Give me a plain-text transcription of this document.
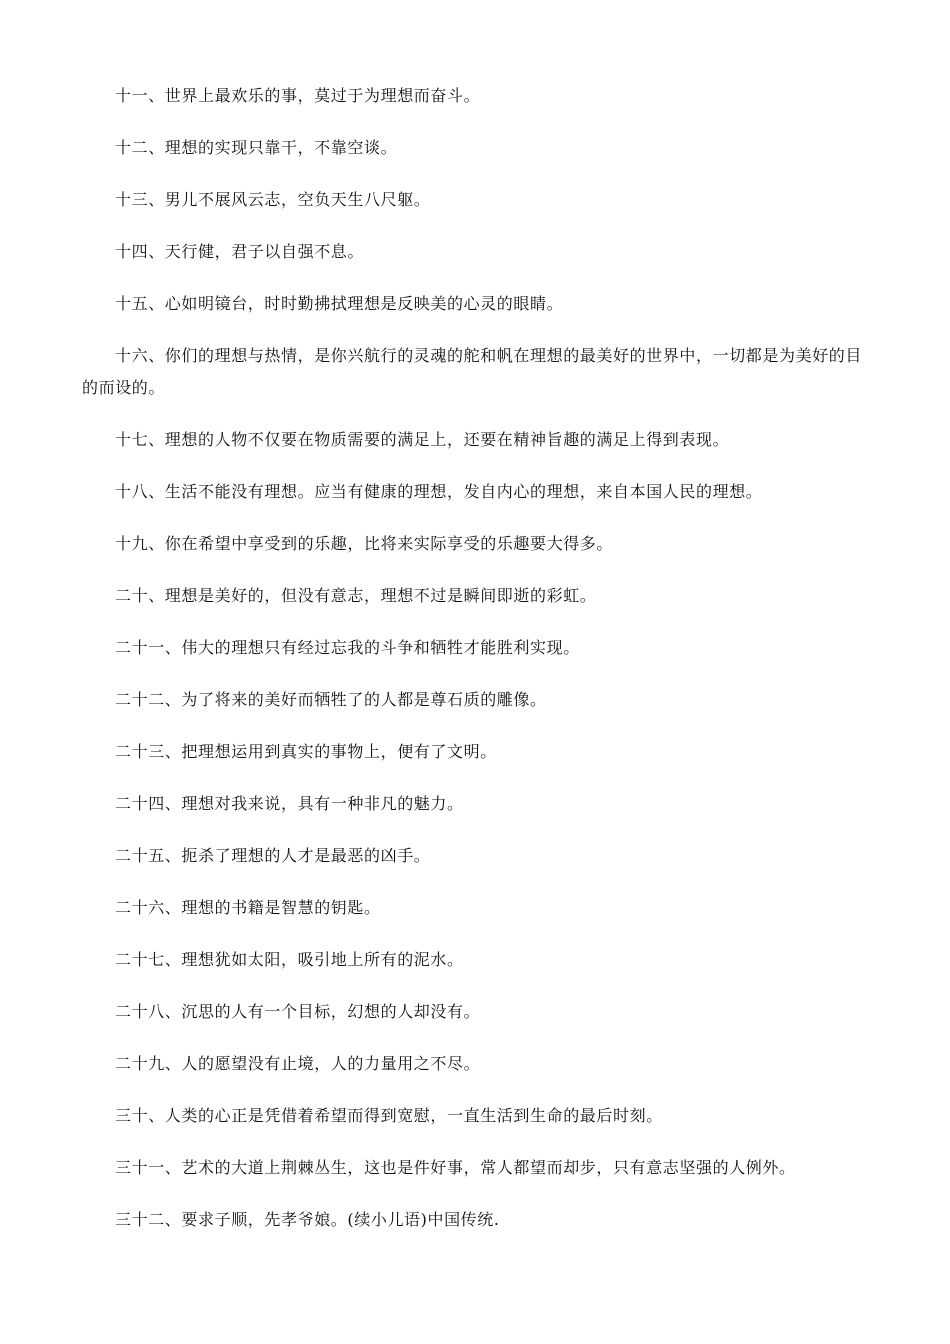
十一、世界上最欢乐的事，莫过于为理想而奋斗。

十二、理想的实现只靠干，不靠空谈。

十三、男儿不展风云志，空负天生八尺躯。

十四、天行健，君子以自强不息。

十五、心如明镜台，时时勤拂拭理想是反映美的心灵的眼睛。

十六、你们的理想与热情，是你兴航行的灵魂的舵和帆在理想的最美好的世界中，一切都是为美好的目的而设的。

十七、理想的人物不仅要在物质需要的满足上，还要在精神旨趣的满足上得到表现。

十八、生活不能没有理想。应当有健康的理想，发自内心的理想，来自本国人民的理想。

十九、你在希望中享受到的乐趣，比将来实际享受的乐趣要大得多。

二十、理想是美好的，但没有意志，理想不过是瞬间即逝的彩虹。

二十一、伟大的理想只有经过忘我的斗争和牺牲才能胜利实现。

二十二、为了将来的美好而牺牲了的人都是尊石质的雕像。

二十三、把理想运用到真实的事物上，便有了文明。

二十四、理想对我来说，具有一种非凡的魅力。

二十五、扼杀了理想的人才是最恶的凶手。

二十六、理想的书籍是智慧的钥匙。

二十七、理想犹如太阳，吸引地上所有的泥水。

二十八、沉思的人有一个目标，幻想的人却没有。

二十九、人的愿望没有止境，人的力量用之不尽。

三十、人类的心正是凭借着希望而得到宽慰，一直生活到生命的最后时刻。

三十一、艺术的大道上荆棘丛生，这也是件好事，常人都望而却步，只有意志坚强的人例外。

三十二、要求子顺，先孝爷娘。(续小儿语)中国传统.
